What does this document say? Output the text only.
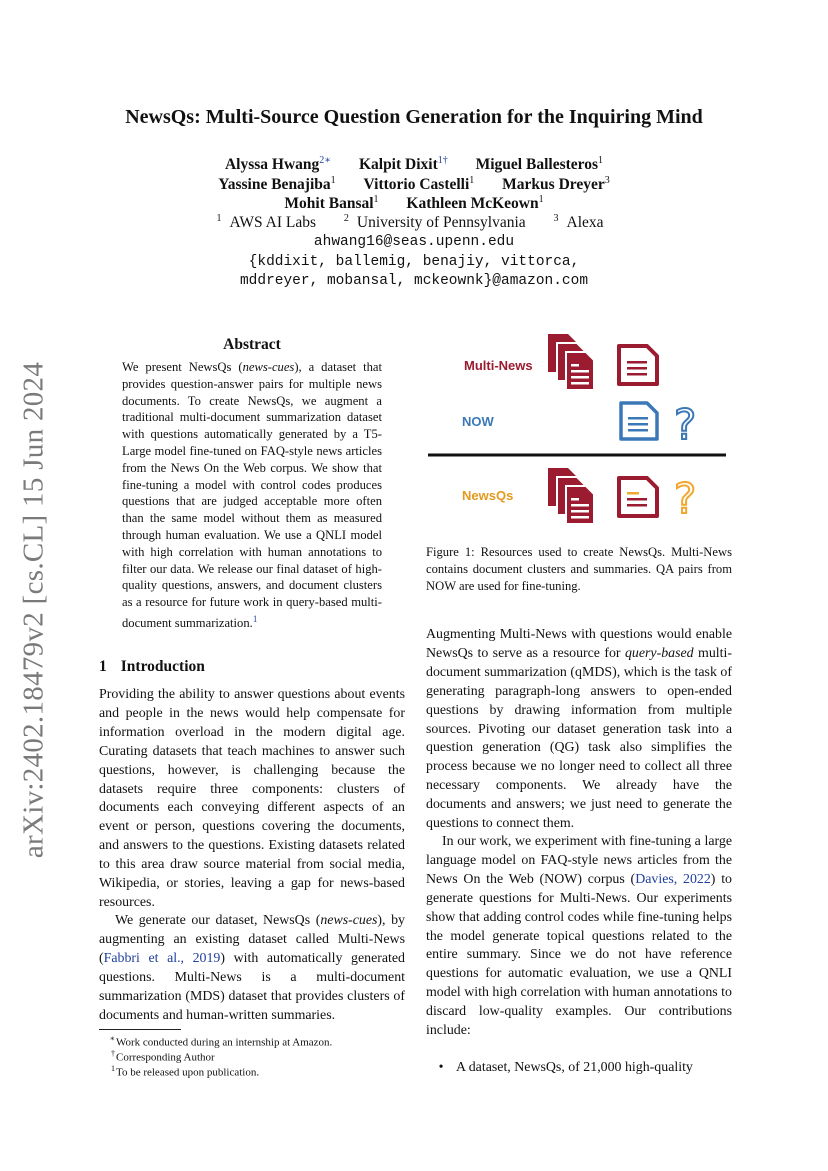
arXiv:2402.18479v2 [cs.CL] 15 Jun 2024
NewsQs: Multi-Source Question Generation for the Inquiring Mind
Alyssa Hwang$^{2∗}$ Kalpit Dixit$^{1\dagger}$ Miguel Ballesteros$^1$
Yassine Benajiba$^1$ Vittorio Castelli$^1$ Markus Dreyer$^3$
Mohit Bansal$^1$ Kathleen McKeown$^1$
$^1$ AWS AI Labs	$^2$ University of Pennsylvania	$^3$ Alexa
ahwang16@seas.upenn.edu
{kddixit, ballemig, benajiy, vittorca,
mddreyer, mobansal, mckeownk}@amazon.com
Abstract
We present NewsQs (news-cues), a dataset that provides question-answer pairs for multiple news documents. To create NewsQs, we augment a traditional multi-document summarization dataset with questions automatically generated by a T5-Large model fine-tuned on FAQ-style news articles from the News On the Web corpus. We show that fine-tuning a model with control codes produces questions that are judged acceptable more often than the same model without them as measured through human evaluation. We use a QNLI model with high correlation with human annotations to filter our data. We release our final dataset of high-quality questions, answers, and document clusters as a resource for future work in query-based multi-document summarization.$^1$
1 Introduction
Providing the ability to answer questions about events and people in the news would help compensate for information overload in the modern digital age. Curating datasets that teach machines to answer such questions, however, is challenging because the datasets require three components: clusters of documents each conveying different aspects of an event or person, questions covering the documents, and answers to the questions. Existing datasets related to this area draw source material from social media, Wikipedia, or stories, leaving a gap for news-based resources.
We generate our dataset, NewsQs (news-cues), by augmenting an existing dataset called Multi-News (Fabbri et al., 2019) with automatically generated questions. Multi-News is a multi-document summarization (MDS) dataset that provides clusters of documents and human-written summaries.
∗Work conducted during an internship at Amazon.
†Corresponding Author
$^1$To be released upon publication.
Multi-News
NOW	?
NewsQs	?
Figure 1: Resources used to create NewsQs. Multi-News contains document clusters and summaries. QA pairs from NOW are used for fine-tuning.
Augmenting Multi-News with questions would enable NewsQs to serve as a resource for query-based multi-document summarization (qMDS), which is the task of generating paragraph-long answers to open-ended questions by drawing information from multiple sources. Pivoting our dataset generation task into a question generation (QG) task also simplifies the process because we no longer need to collect all three necessary components. We already have the documents and answers; we just need to generate the questions to connect them.
In our work, we experiment with fine-tuning a large language model on FAQ-style news articles from the News On the Web (NOW) corpus (Davies, 2022) to generate questions for Multi-News. Our experiments show that adding control codes while fine-tuning helps the model generate topical questions related to the entire summary. Since we do not have reference questions for automatic evaluation, we use a QNLI model with high correlation with human annotations to discard low-quality examples. Our contributions include:
• A dataset, NewsQs, of 21,000 high-quality
